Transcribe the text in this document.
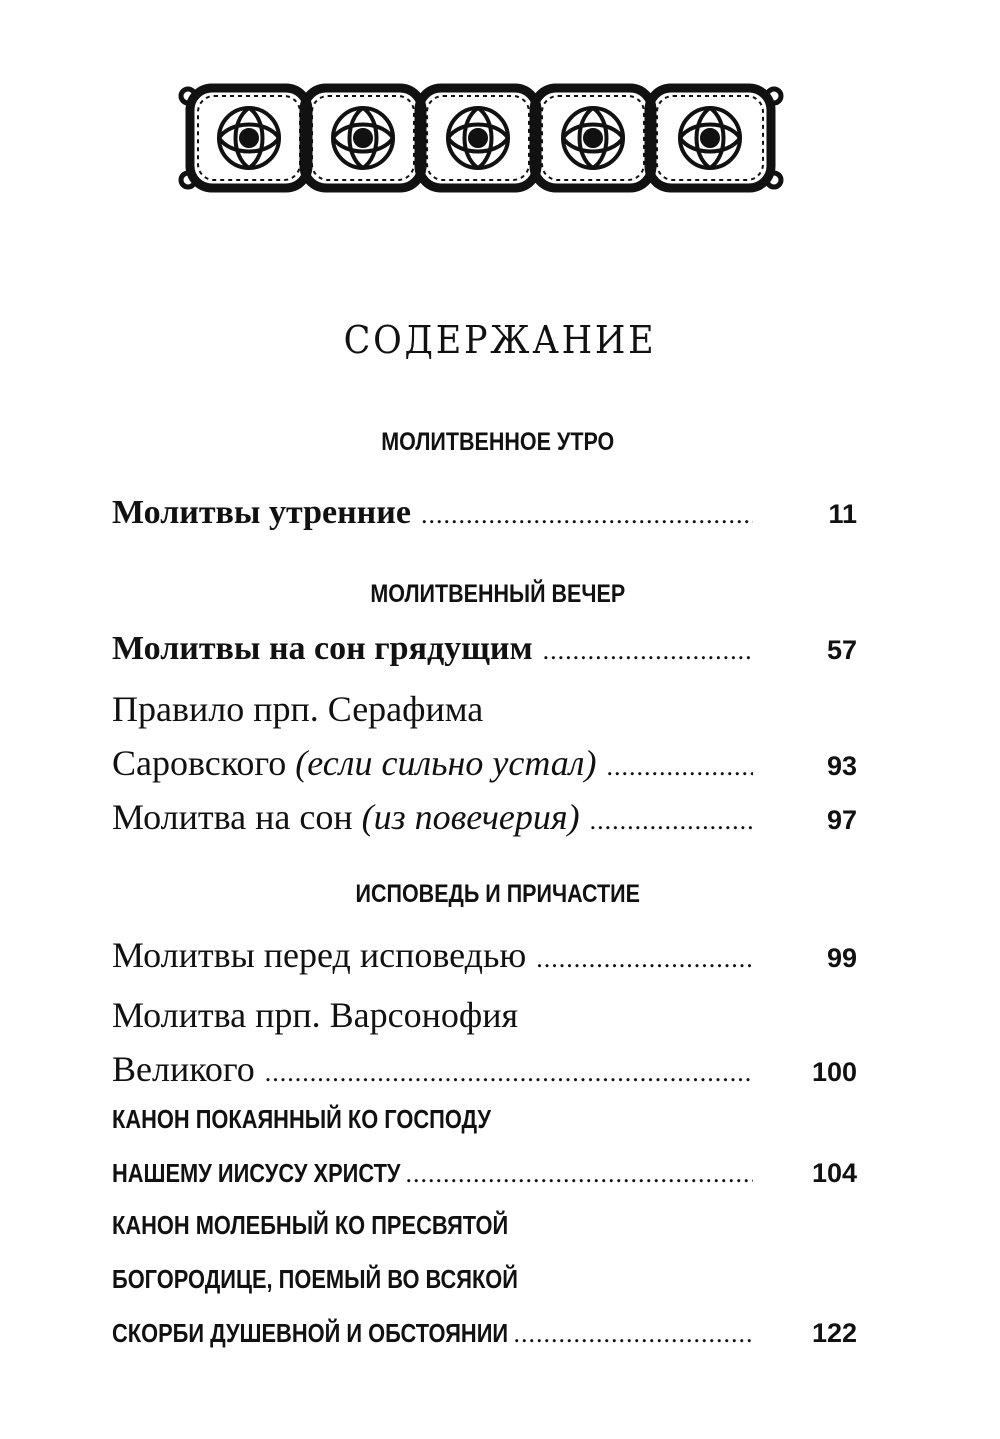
СОДЕРЖАНИЕ
МОЛИТВЕННОЕ УТРО
Молитвы утренние .....	11
МОЛИТВЕННЫЙ ВЕЧЕР
Молитвы на сон грядущим .....	57
Правило прп. Серафима
Саровского (если сильно устал) .....	93
Молитва на сон (из повечерия) .....	97
ИСПОВЕДЬ И ПРИЧАСТИЕ
Молитвы перед исповедью .....	99
Молитва прп. Варсонофия
Великого .....	100
КАНОН ПОКАЯННЫЙ КО ГОСПОДУ
НАШЕМУ ИИСУСУ ХРИСТУ .....	104
КАНОН МОЛЕБНЫЙ КО ПРЕСВЯТОЙ
БОГОРОДИЦЕ, ПОЕМЫЙ ВО ВСЯКОЙ
СКОРБИ ДУШЕВНОЙ И ОБСТОЯНИИ .....	122
